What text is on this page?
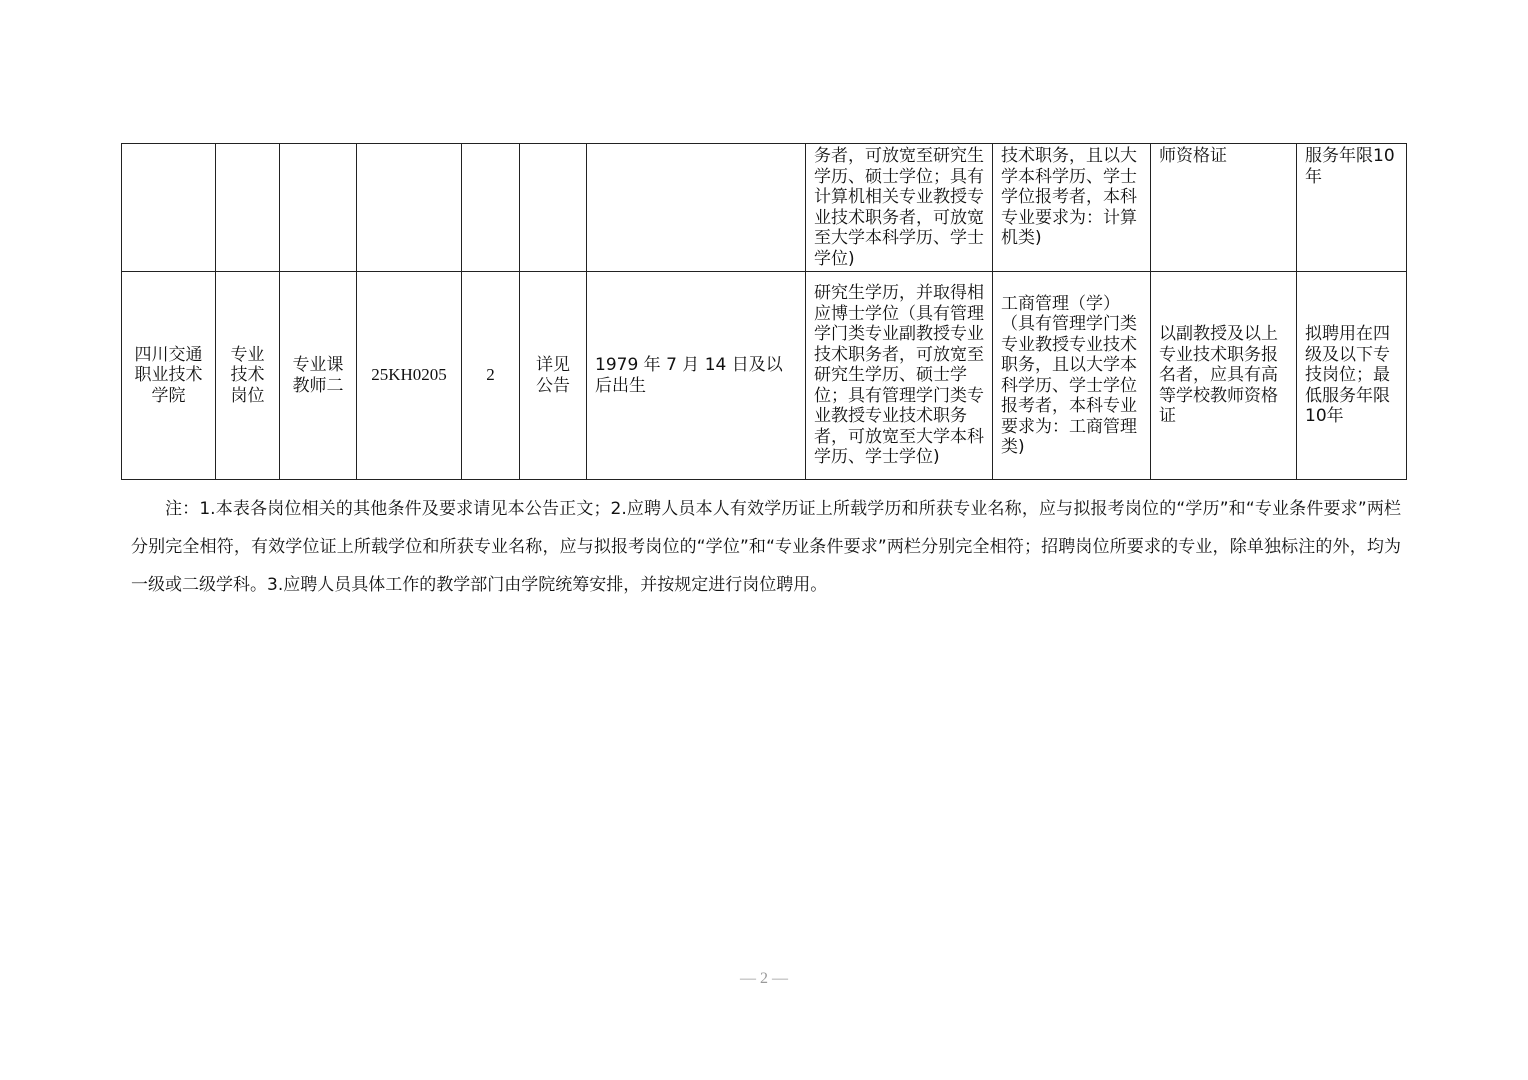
							务者，可放宽至研究生学历、硕士学位；具有计算机相关专业教授专业技术职务者，可放宽至大学本科学历、学士学位)	技术职务，且以大学本科学历、学士学位报考者，本科专业要求为：计算机类)	师资格证	服务年限10年
四川交通职业技术学院	专业技术岗位	专业课教师二	25KH0205	2	详见公告	1979 年 7 月 14 日及以后出生	研究生学历，并取得相应博士学位（具有管理学门类专业副教授专业技术职务者，可放宽至研究生学历、硕士学位；具有管理学门类专业教授专业技术职务者，可放宽至大学本科学历、学士学位)	工商管理（学）（具有管理学门类专业教授专业技术职务，且以大学本科学历、学士学位报考者，本科专业要求为：工商管理类)	以副教授及以上专业技术职务报名者，应具有高等学校教师资格证	拟聘用在四级及以下专技岗位；最低服务年限10年
注：1.本表各岗位相关的其他条件及要求请见本公告正文；2.应聘人员本人有效学历证上所载学历和所获专业名称，应与拟报考岗位的“学历”和“专业条件要求”两栏分别完全相符，有效学位证上所载学位和所获专业名称，应与拟报考岗位的“学位”和“专业条件要求”两栏分别完全相符；招聘岗位所要求的专业，除单独标注的外，均为一级或二级学科。3.应聘人员具体工作的教学部门由学院统筹安排，并按规定进行岗位聘用。
— 2 —
